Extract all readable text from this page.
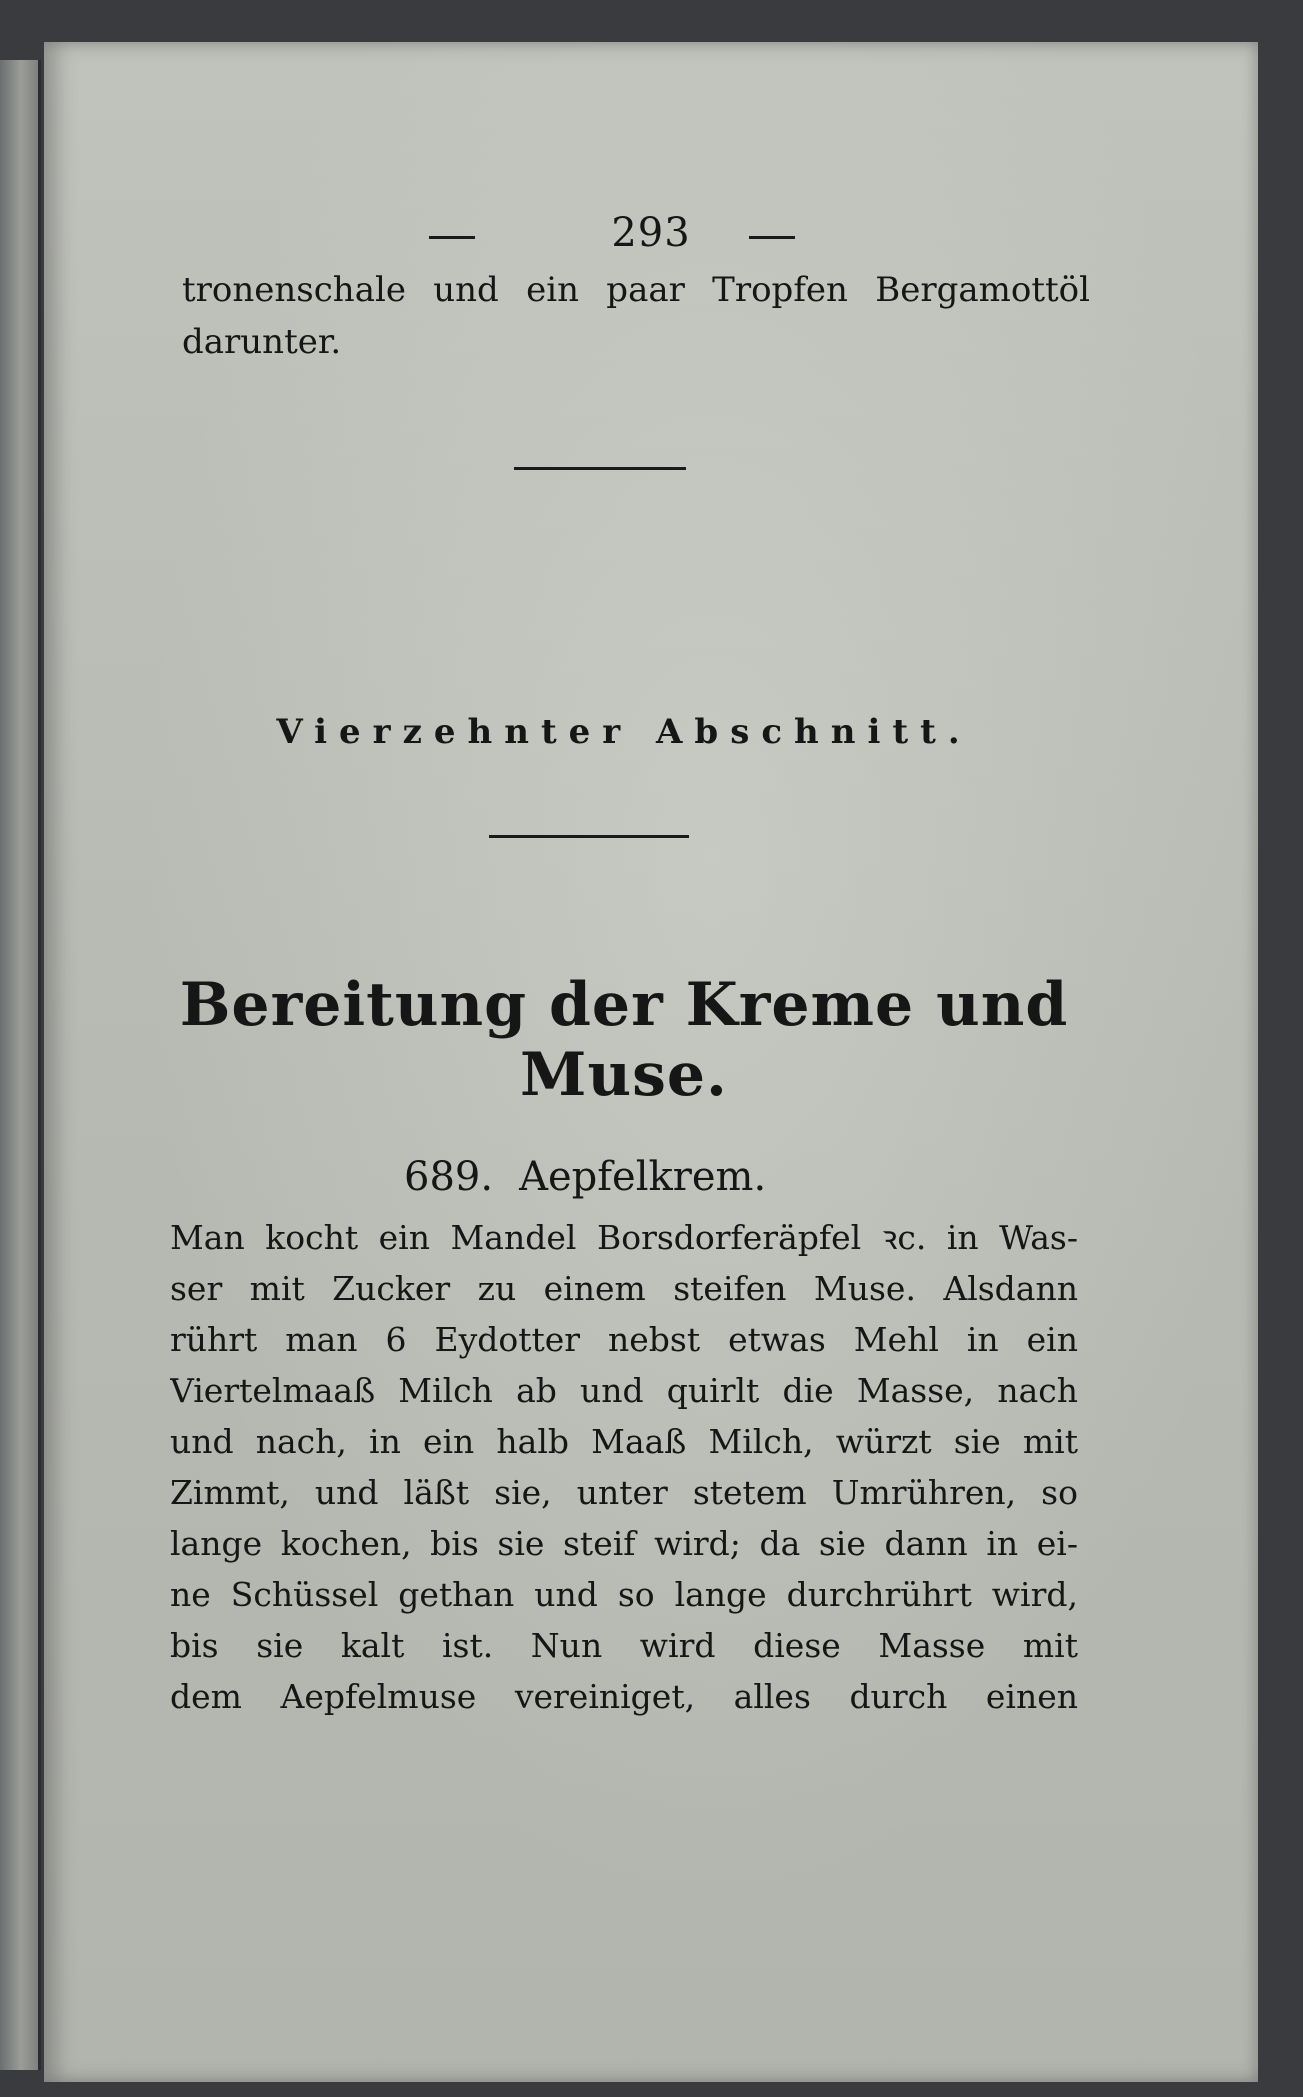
293
tronenschale und ein paar Tropfen Bergamottöl
darunter.
Vierzehnter Abschnitt.
Bereitung der Kreme und Muse.
689. Aepfelkrem.
Man kocht ein Mandel Borsdorferäpfel ꝛc. in Was-
ser mit Zucker zu einem steifen Muse. Alsdann
rührt man 6 Eydotter nebst etwas Mehl in ein
Viertelmaaß Milch ab und quirlt die Masse, nach
und nach, in ein halb Maaß Milch, würzt sie mit
Zimmt, und läßt sie, unter stetem Umrühren, so
lange kochen, bis sie steif wird; da sie dann in ei-
ne Schüssel gethan und so lange durchrührt wird,
bis sie kalt ist. Nun wird diese Masse mit
dem Aepfelmuse vereiniget, alles durch einen
